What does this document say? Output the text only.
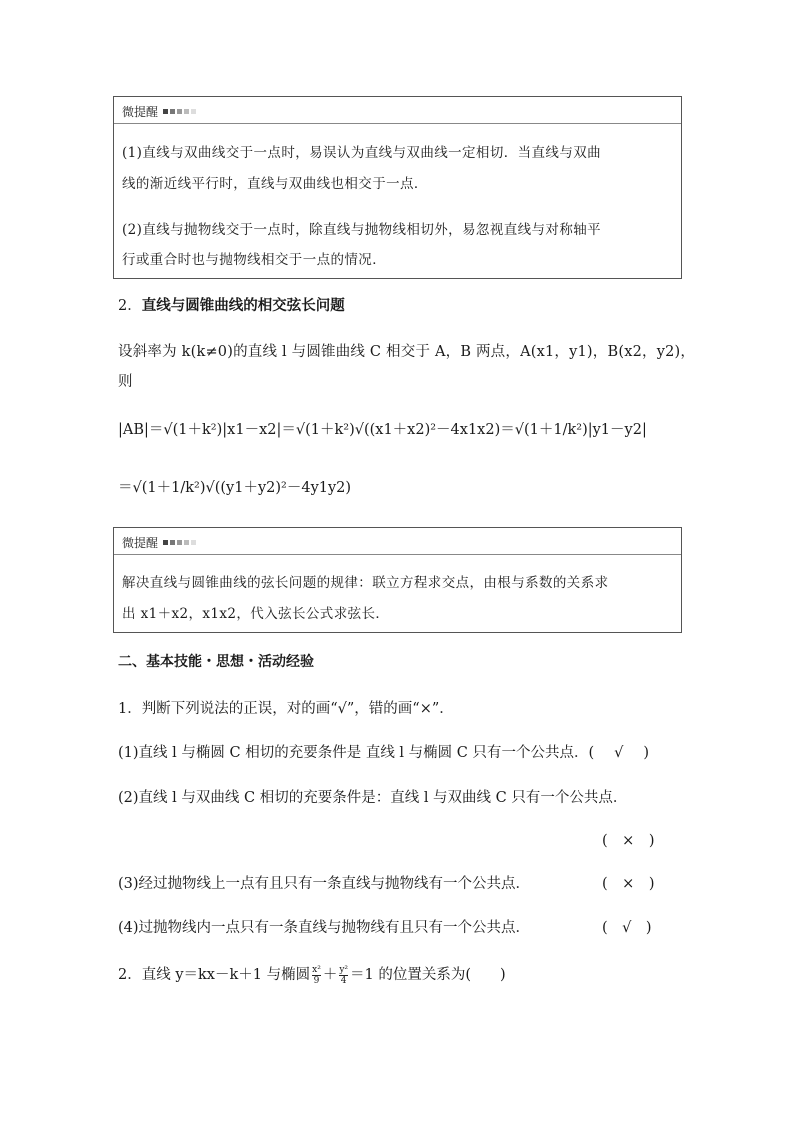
微提醒
(1)直线与双曲线交于一点时，易误认为直线与双曲线一定相切．当直线与双曲
线的渐近线平行时，直线与双曲线也相交于一点．
(2)直线与抛物线交于一点时，除直线与抛物线相切外，易忽视直线与对称轴平
行或重合时也与抛物线相交于一点的情况．
2．直线与圆锥曲线的相交弦长问题
设斜率为 k(k≠0)的直线 l 与圆锥曲线 C 相交于 A，B 两点，A(x1，y1)，B(x2，y2)，
则
|AB|＝√(1＋k²)|x1－x2|＝√(1＋k²)√((x1＋x2)²－4x1x2)＝√(1＋1/k²)|y1－y2|
＝√(1＋1/k²)√((y1＋y2)²－4y1y2)
微提醒
解决直线与圆锥曲线的弦长问题的规律：联立方程求交点，由根与系数的关系求
出 x1＋x2，x1x2，代入弦长公式求弦长．
二、基本技能・思想・活动经验
1．判断下列说法的正误，对的画“√”，错的画“×”．
(1)直线 l 与椭圆 C 相切的充要条件是 直线 l 与椭圆 C 只有一个公共点．( √ )
(2)直线 l 与双曲线 C 相切的充要条件是：直线 l 与双曲线 C 只有一个公共点．
(　×　)
(3)经过抛物线上一点有且只有一条直线与抛物线有一个公共点．	(　×　)
(4)过抛物线内一点只有一条直线与抛物线有且只有一个公共点．	(　√　)
2．直线 y＝kx－k＋1 与椭圆 $\frac{\text{x²}}{9} + \frac{\text{y²}}{4} =1$ 的位置关系为(　　)
